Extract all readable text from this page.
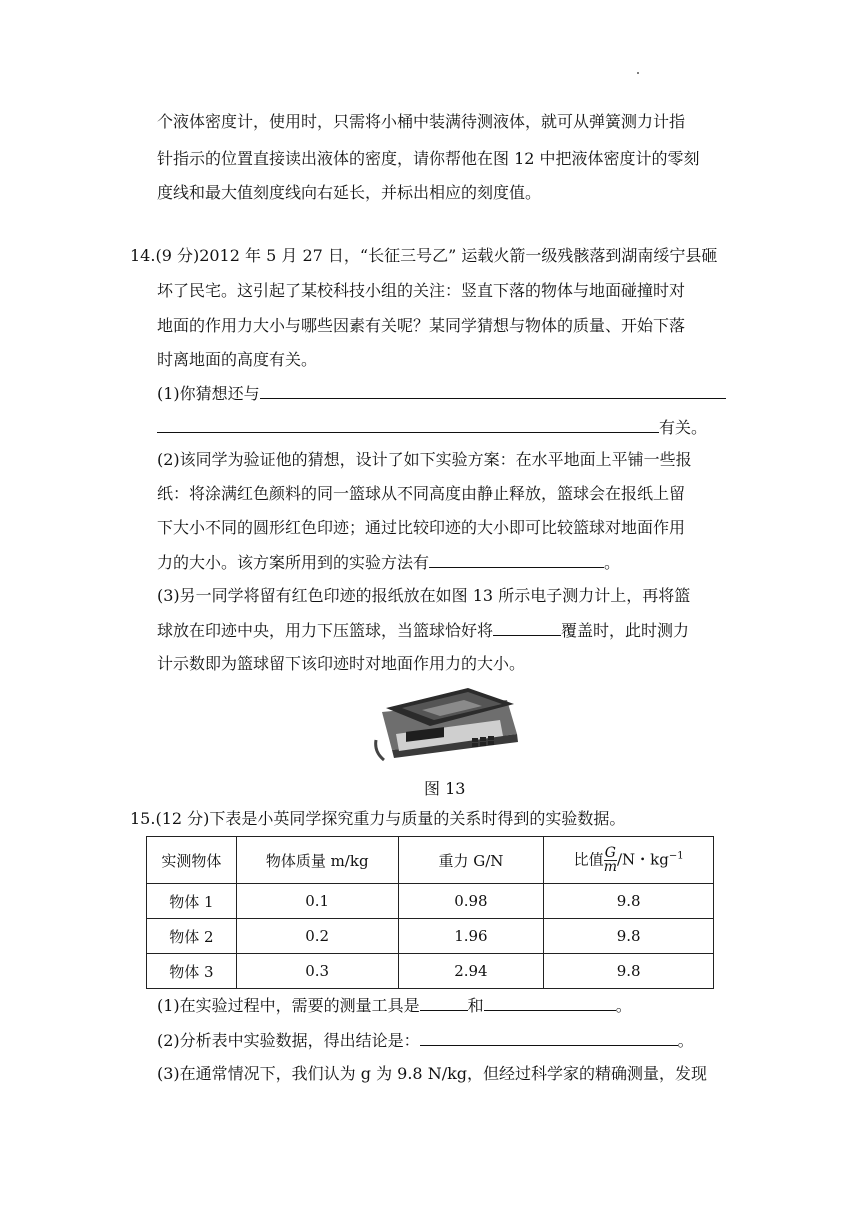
个液体密度计，使用时，只需将小桶中装满待测液体，就可从弹簧测力计指
针指示的位置直接读出液体的密度，请你帮他在图 12 中把液体密度计的零刻
度线和最大值刻度线向右延长，并标出相应的刻度值。
14.(9 分)2012 年 5 月 27 日，“长征三号乙” 运载火箭一级残骸落到湖南绥宁县砸
坏了民宅。这引起了某校科技小组的关注：竖直下落的物体与地面碰撞时对
地面的作用力大小与哪些因素有关呢？某同学猜想与物体的质量、开始下落
时离地面的高度有关。
(1)你猜想还与
有关。
(2)该同学为验证他的猜想，设计了如下实验方案：在水平地面上平铺一些报
纸：将涂满红色颜料的同一篮球从不同高度由静止释放，篮球会在报纸上留
下大小不同的圆形红色印迹；通过比较印迹的大小即可比较篮球对地面作用
力的大小。该方案所用到的实验方法有	。
(3)另一同学将留有红色印迹的报纸放在如图 13 所示电子测力计上，再将篮
球放在印迹中央，用力下压篮球，当篮球恰好将	覆盖时，此时测力
计示数即为篮球留下该印迹时对地面作用力的大小。
图 13
15.(12 分)下表是小英同学探究重力与质量的关系时得到的实验数据。
实测物体	物体质量 m/kg	重力 G/N	比值 $\frac{G}{m} /N$・$kg^{-1}$
物体 1	0.1	0.98	9.8
物体 2	0.2	1.96	9.8
物体 3	0.3	2.94	9.8
(1)在实验过程中，需要的测量工具是	和	。
(2)分析表中实验数据，得出结论是：	。
(3)在通常情况下，我们认为 g 为 9.8 N/kg，但经过科学家的精确测量，发现
